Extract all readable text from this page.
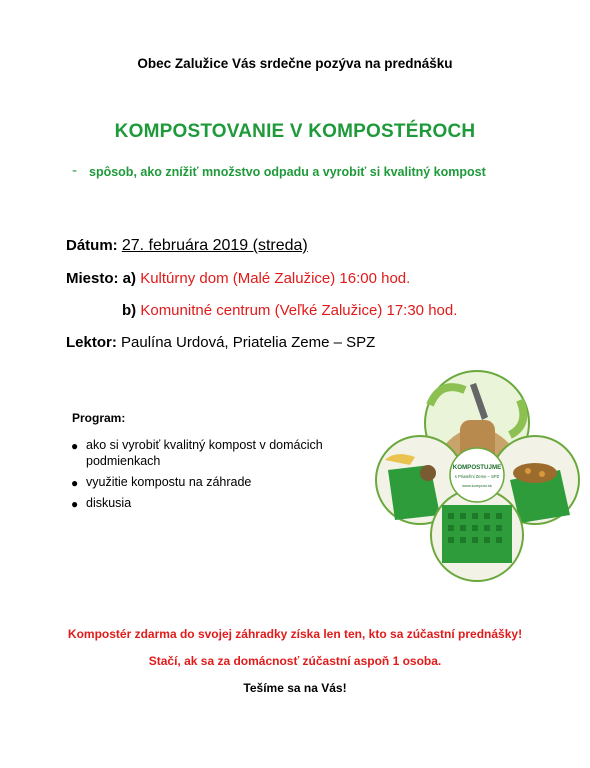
Obec Zalužice Vás srdečne pozýva na prednášku
KOMPOSTOVANIE V KOMPOSTÉROCH
- spôsob, ako znížiť množstvo odpadu a vyrobiť si kvalitný kompost
Dátum: 27. februára 2019 (streda)
Miesto: a) Kultúrny dom (Malé Zalužice) 16:00 hod.
b) Komunitné centrum (Veľké Zalužice) 17:30 hod.
Lektor: Paulína Urdová, Priatelia Zeme – SPZ
Program:
● ako si vyrobiť kvalitný kompost v domácich podmienkach
● využitie kompostu na záhrade
● diskusia
KOMPOSTUJME
s Priateľmi Zeme – SPZ
www.kompost.sk
Kompostér zdarma do svojej záhradky získa len ten, kto sa zúčastní prednášky!
Stačí, ak sa za domácnosť zúčastní aspoň 1 osoba.
Tešíme sa na Vás!
